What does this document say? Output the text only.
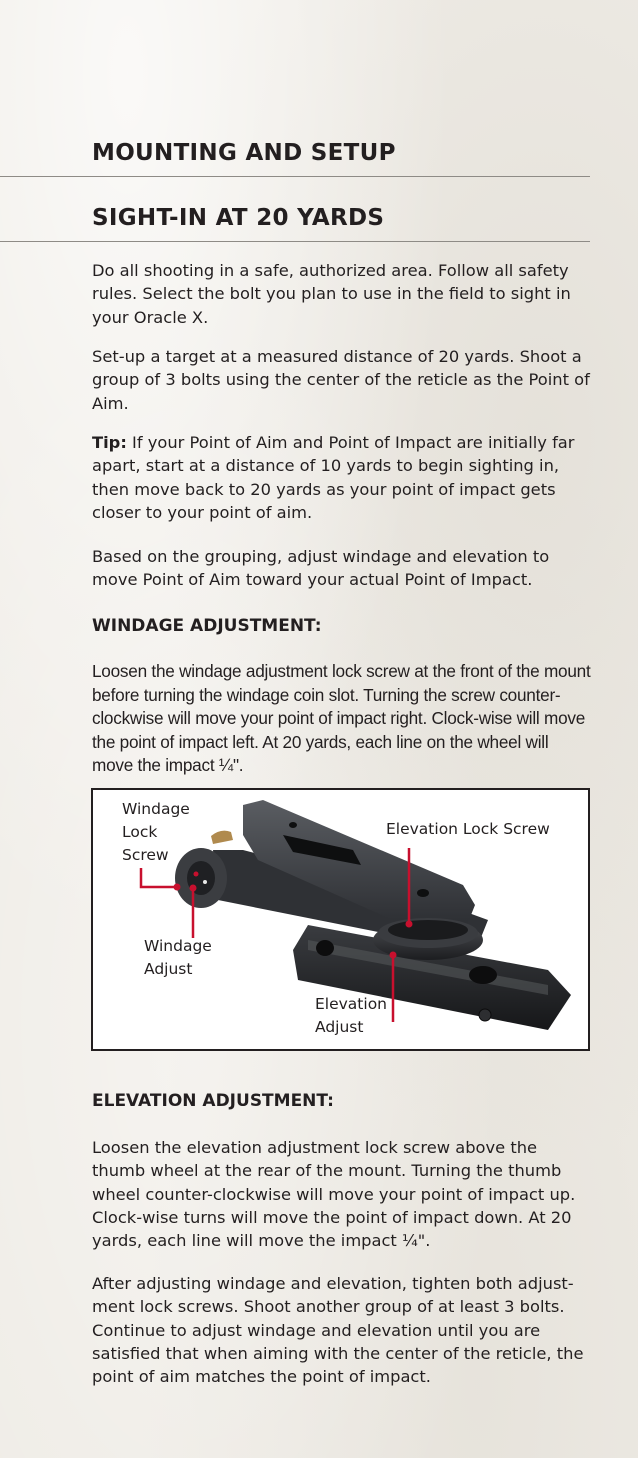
MOUNTING AND SETUP
SIGHT-IN AT 20 YARDS

Do all shooting in a safe, authorized area. Follow all safety rules. Select the bolt you plan to use in the field to sight in your Oracle X.

Set-up a target at a measured distance of 20 yards. Shoot a group of 3 bolts using the center of the reticle as the Point of Aim.

Tip: If your Point of Aim and Point of Impact are initially far apart, start at a distance of 10 yards to begin sighting in, then move back to 20 yards as your point of impact gets closer to your point of aim.

Based on the grouping, adjust windage and elevation to move Point of Aim toward your actual Point of Impact.

WINDAGE ADJUSTMENT:

Loosen the windage adjustment lock screw at the front of the mount before turning the windage coin slot. Turning the screw counter-clockwise will move your point of impact right. Clock-wise will move the point of impact left. At 20 yards, each line on the wheel will move the impact ¼".

Windage
Lock
Screw

Elevation Lock Screw

Windage
Adjust

Elevation
Adjust

ELEVATION ADJUSTMENT:

Loosen the elevation adjustment lock screw above the thumb wheel at the rear of the mount. Turning the thumb wheel counter-clockwise will move your point of impact up. Clock-wise turns will move the point of impact down. At 20 yards, each line will move the impact ¼".

After adjusting windage and elevation, tighten both adjust-ment lock screws. Shoot another group of at least 3 bolts. Continue to adjust windage and elevation until you are satisfied that when aiming with the center of the reticle, the point of aim matches the point of impact.
